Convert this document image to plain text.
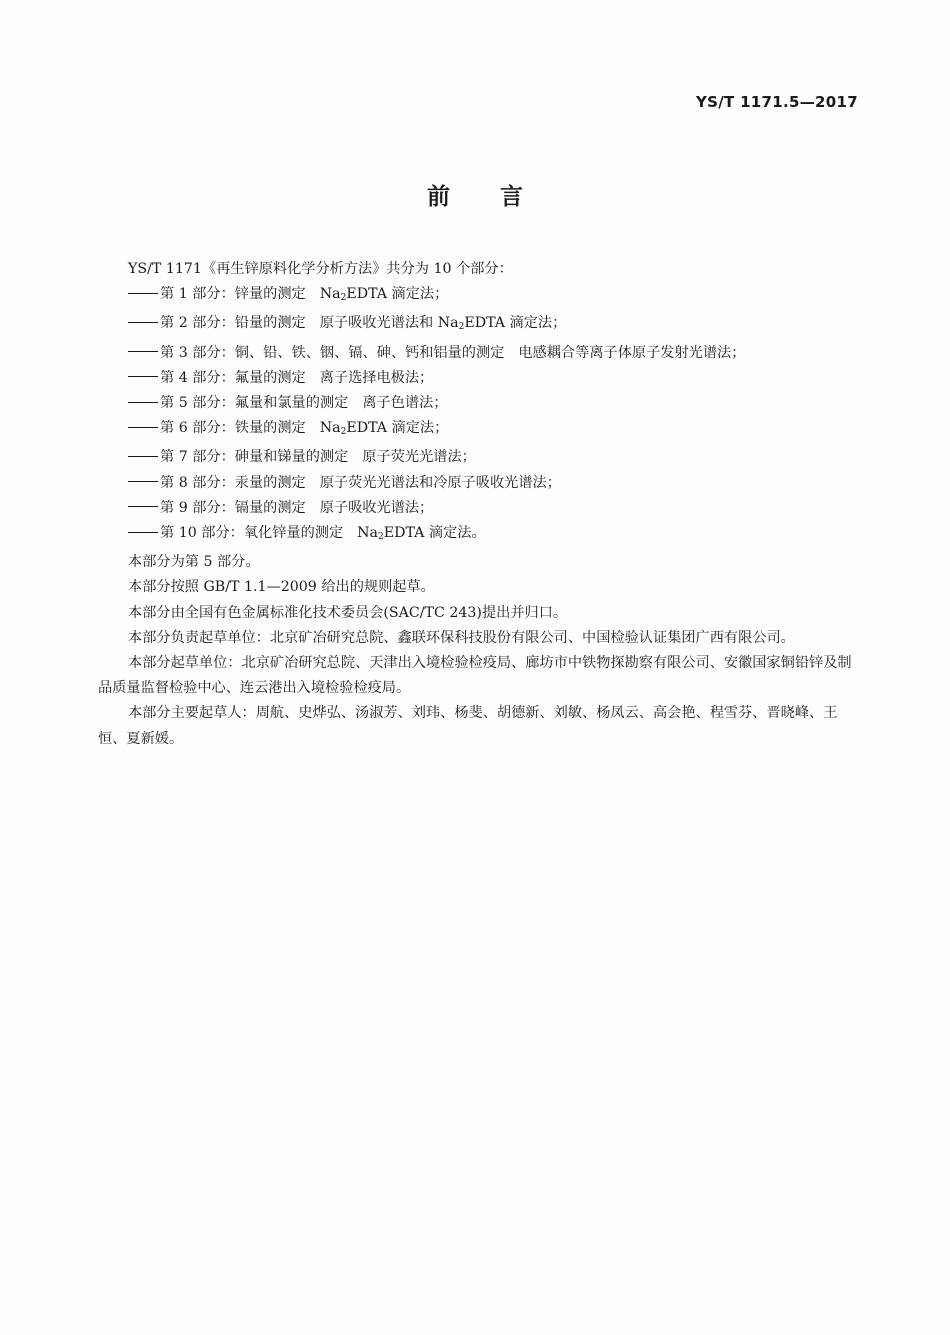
YS/T 1171.5—2017
前言

YS/T 1171《再生锌原料化学分析方法》共分为 10 个部分：

第 1 部分：锌量的测定 $Na_2EDTA$ 滴定法；

第 2 部分：铅量的测定 原子吸收光谱法和 $Na_2EDTA$ 滴定法；

第 3 部分：铜、铅、铁、铟、镉、砷、钙和铝量的测定 电感耦合等离子体原子发射光谱法；

第 4 部分：氟量的测定 离子选择电极法；

第 5 部分：氟量和氯量的测定 离子色谱法；

第 6 部分：铁量的测定 $Na_2EDTA$ 滴定法；

第 7 部分：砷量和锑量的测定 原子荧光光谱法；

第 8 部分：汞量的测定 原子荧光光谱法和冷原子吸收光谱法；

第 9 部分：镉量的测定 原子吸收光谱法；

第 10 部分：氧化锌量的测定 $Na_2EDTA$ 滴定法。

本部分为第 5 部分。

本部分按照 GB/T 1.1—2009 给出的规则起草。

本部分由全国有色金属标准化技术委员会(SAC/TC 243)提出并归口。

本部分负责起草单位：北京矿冶研究总院、鑫联环保科技股份有限公司、中国检验认证集团广西有限公司。

本部分起草单位：北京矿冶研究总院、天津出入境检验检疫局、廊坊市中铁物探勘察有限公司、安徽国家铜铅锌及制品质量监督检验中心、连云港出入境检验检疫局。

本部分主要起草人：周航、史烨弘、汤淑芳、刘玮、杨斐、胡德新、刘敏、杨凤云、高会艳、程雪芬、晋晓峰、王恒、夏新媛。
